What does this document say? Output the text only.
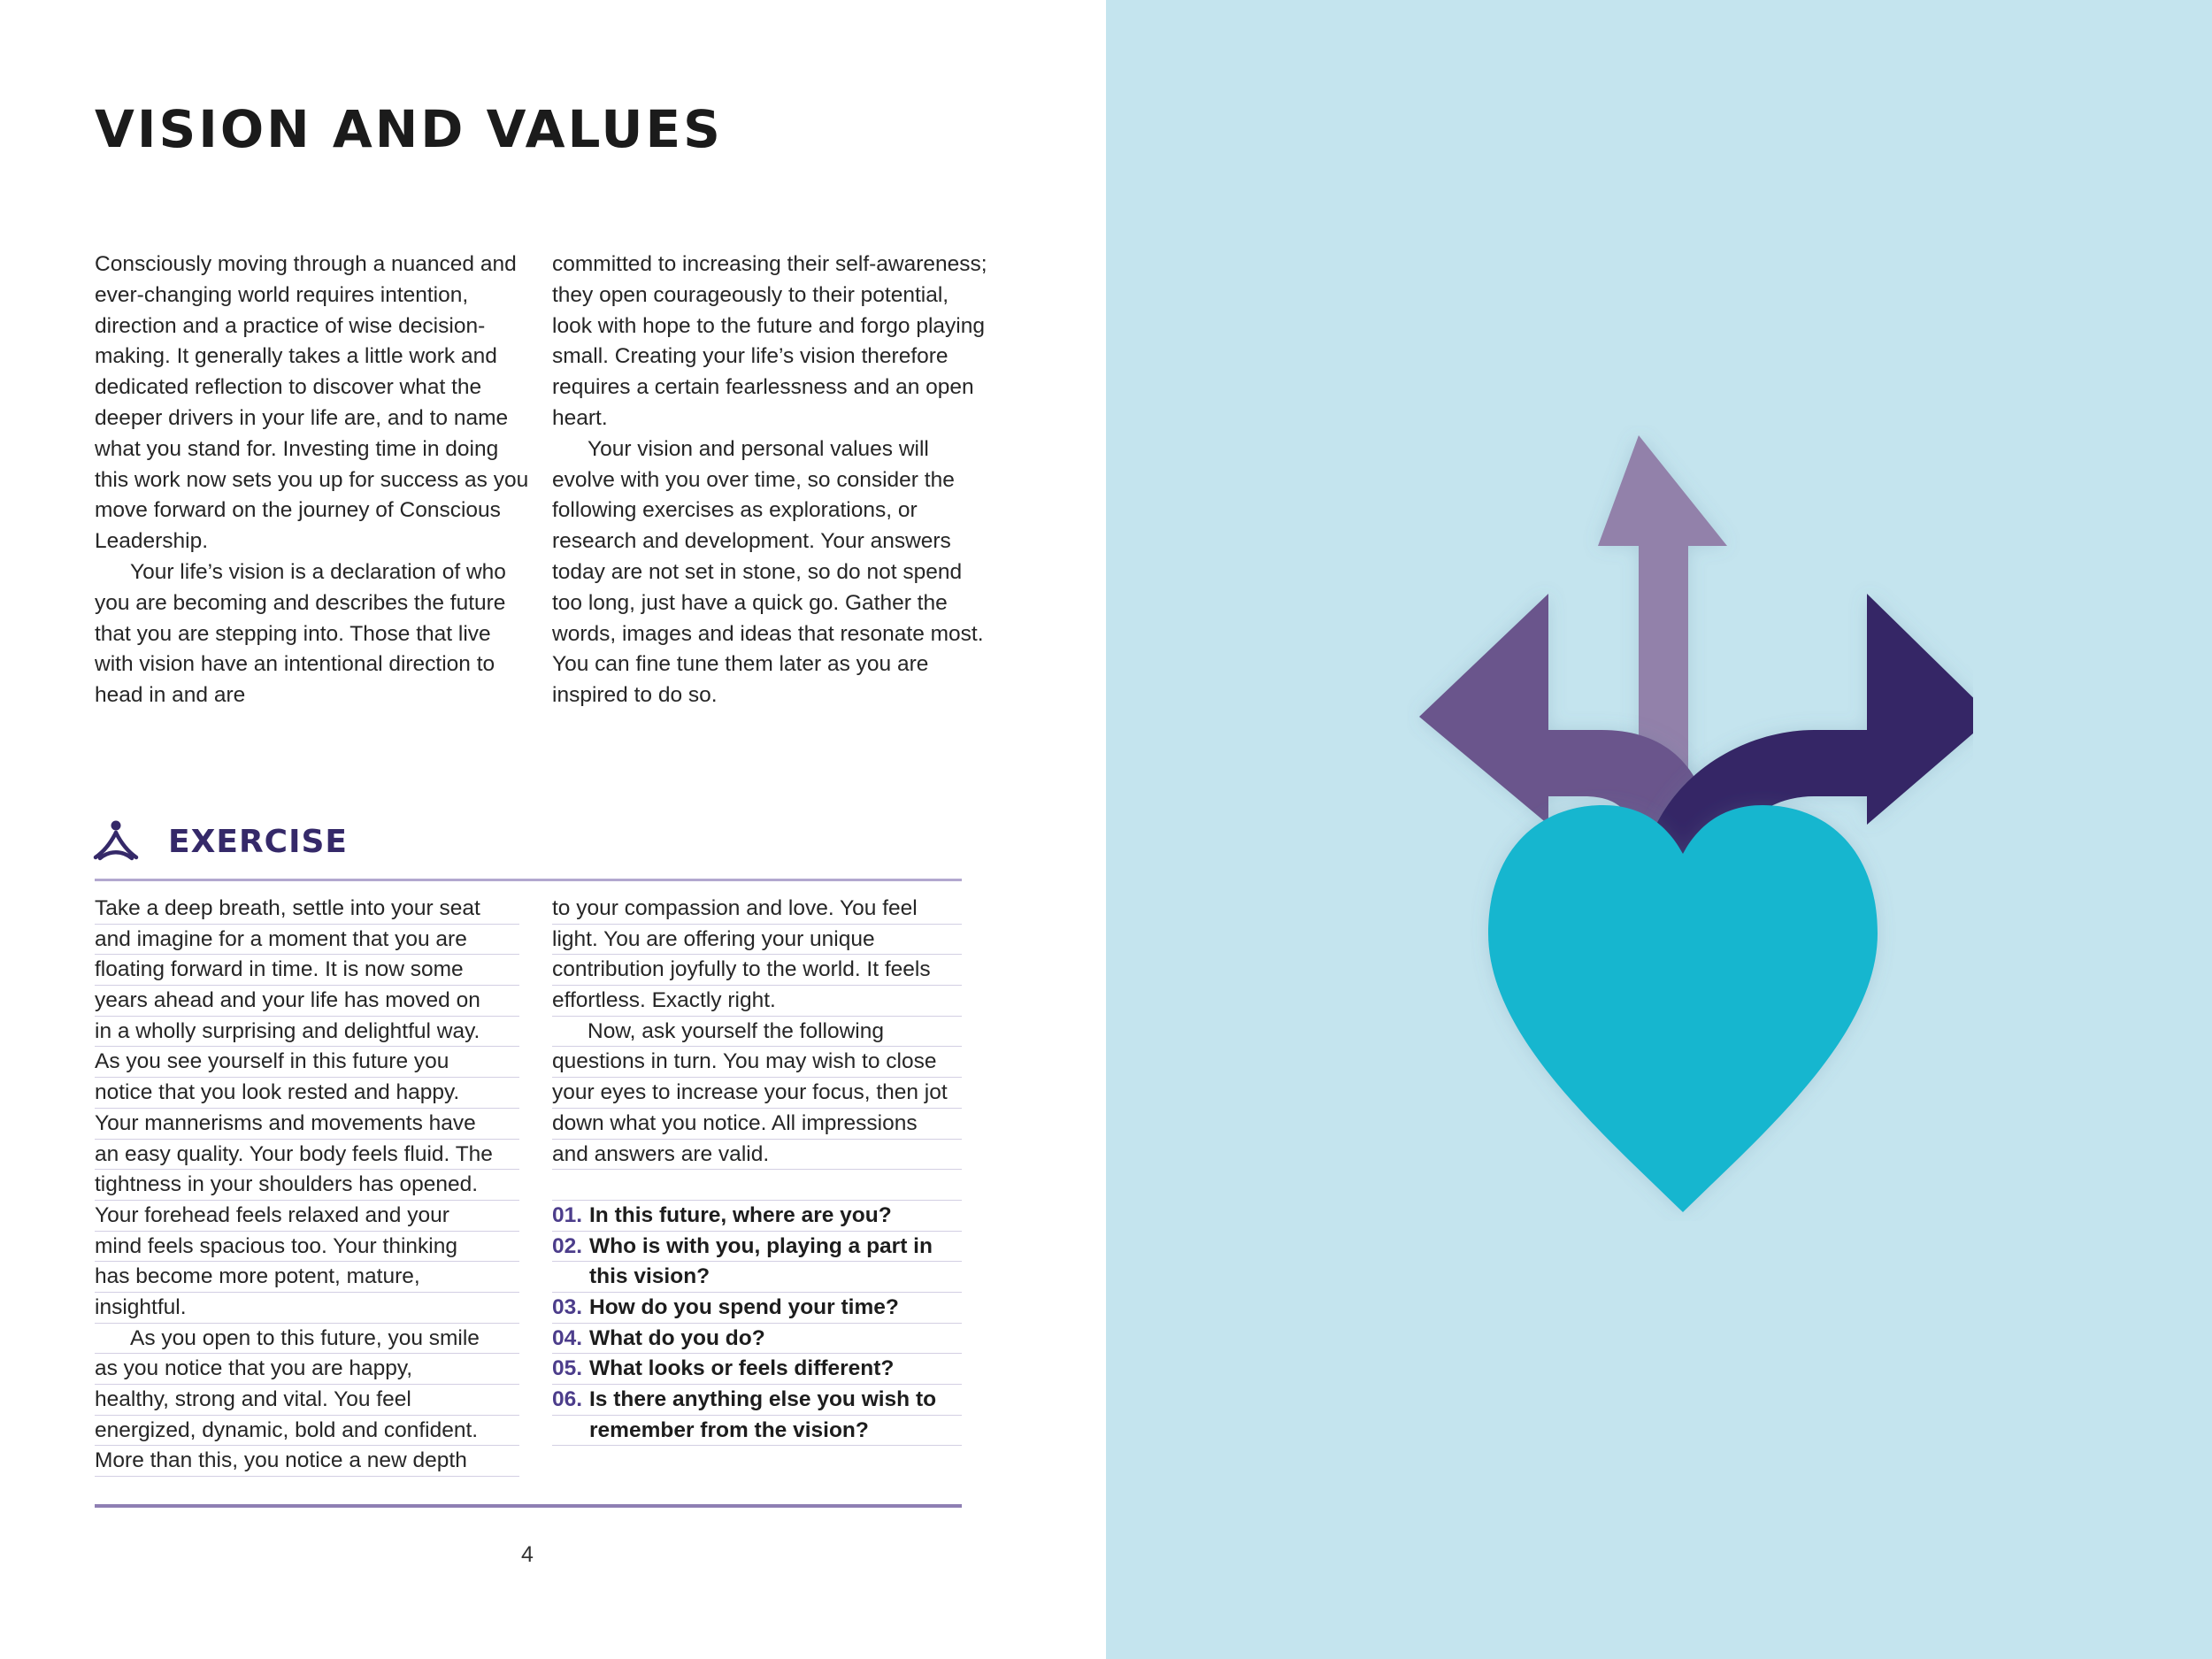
VISION AND VALUES

Consciously moving through a nuanced and ever-changing world requires intention, direction and a practice of wise decision-making. It generally takes a little work and dedicated reflection to discover what the deeper drivers in your life are, and to name what you stand for. Investing time in doing this work now sets you up for success as you move forward on the journey of Conscious Leadership.

Your life’s vision is a declaration of who you are becoming and describes the future that you are stepping into. Those that live with vision have an intentional direction to head in and are

committed to increasing their self-awareness; they open courageously to their potential, look with hope to the future and forgo playing small. Creating your life’s vision therefore requires a certain fearlessness and an open heart.

Your vision and personal values will evolve with you over time, so consider the following exercises as explorations, or research and development. Your answers today are not set in stone, so do not spend too long, just have a quick go. Gather the words, images and ideas that resonate most. You can fine tune them later as you are inspired to do so.

EXERCISE
Take a deep breath, settle into your seat
and imagine for a moment that you are
floating forward in time. It is now some
years ahead and your life has moved on
in a wholly surprising and delightful way.
As you see yourself in this future you
notice that you look rested and happy.
Your mannerisms and movements have
an easy quality. Your body feels fluid. The
tightness in your shoulders has opened.
Your forehead feels relaxed and your
mind feels spacious too. Your thinking
has become more potent, mature,
insightful.
As you open to this future, you smile
as you notice that you are happy,
healthy, strong and vital. You feel
energized, dynamic, bold and confident.
More than this, you notice a new depth
to your compassion and love. You feel
light. You are offering your unique
contribution joyfully to the world. It feels
effortless. Exactly right.
Now, ask yourself the following
questions in turn. You may wish to close
your eyes to increase your focus, then jot
down what you notice. All impressions
and answers are valid.
01. In this future, where are you?
02. Who is with you, playing a part in
this vision?
03. How do you spend your time?
04. What do you do?
05. What looks or feels different?
06. Is there anything else you wish to
remember from the vision?
4
